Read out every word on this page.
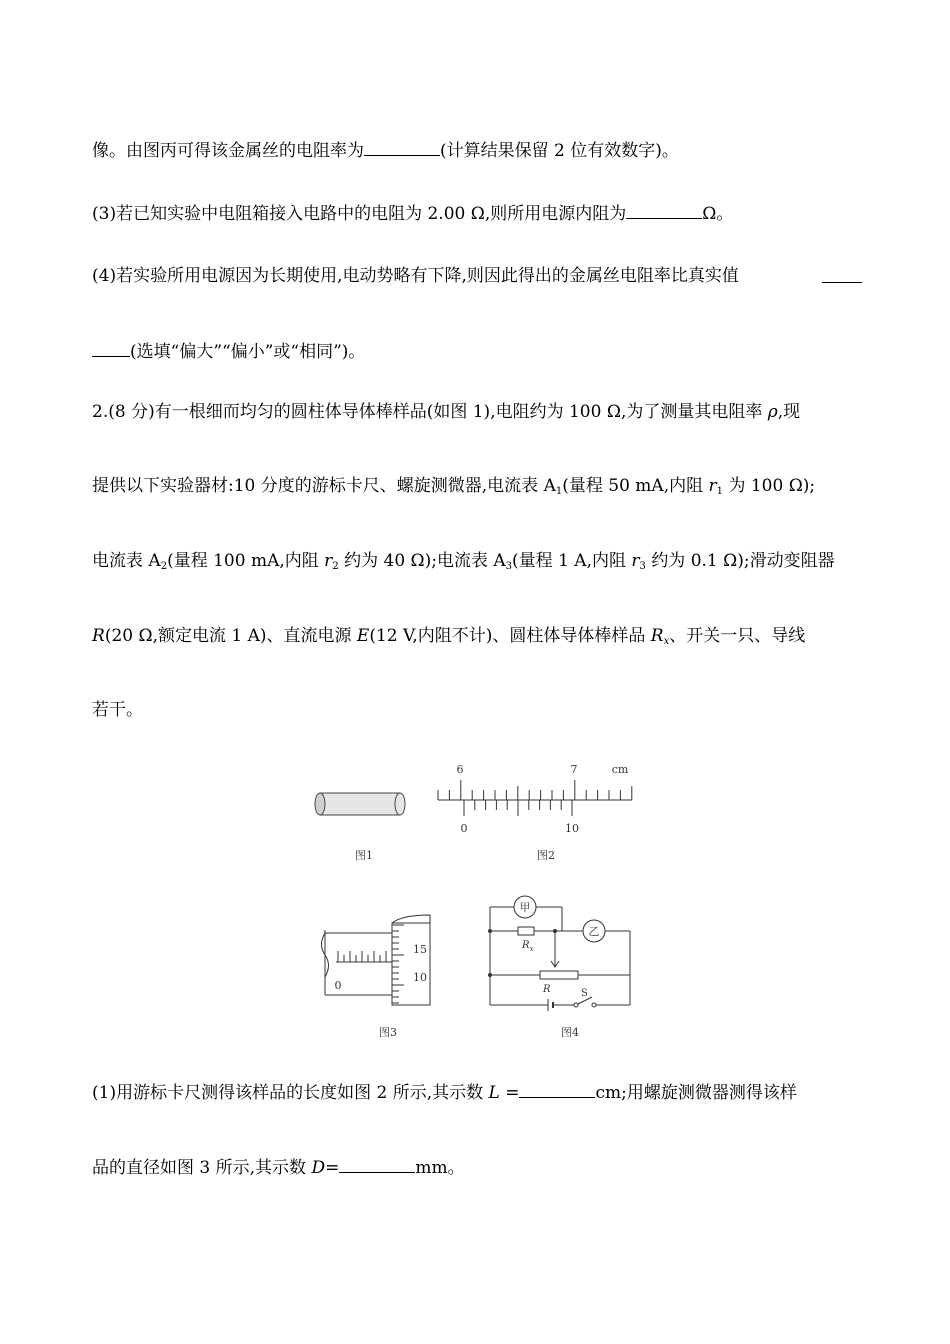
像。由图丙可得该金属丝的电阻率为	(计算结果保留 2 位有效数字)。
(3)若已知实验中电阻箱接入电路中的电阻为 2.00 Ω,则所用电源内阻为	Ω。
(4)若实验所用电源因为长期使用,电动势略有下降,则因此得出的金属丝电阻率比真实值
(选填“偏大”“偏小”或“相同”)。
2.(8 分)有一根细而均匀的圆柱体导体棒样品(如图 1),电阻约为 100 Ω,为了测量其电阻率 ρ,现
提供以下实验器材:10 分度的游标卡尺、螺旋测微器,电流表 $A_1$(量程 50 mA,内阻 $r_1$ 为 100 Ω);
电流表 $A_2$(量程 100 mA,内阻 $r_2$ 约为 40 Ω);电流表 $A_3$(量程 1 A,内阻 $r_3$ 约为 0.1 Ω);滑动变阻器
R(20 Ω,额定电流 1 A)、直流电源 E(12 V,内阻不计)、圆柱体导体棒样品 $R_x$、开关一只、导线
若干。
图1
6	7	cm
0	10
图2
0
15
10
图3
甲
乙
$R_x$
R	S
图4
(1)用游标卡尺测得该样品的长度如图 2 所示,其示数 L =	cm;用螺旋测微器测得该样
品的直径如图 3 所示,其示数 D=	mm。
